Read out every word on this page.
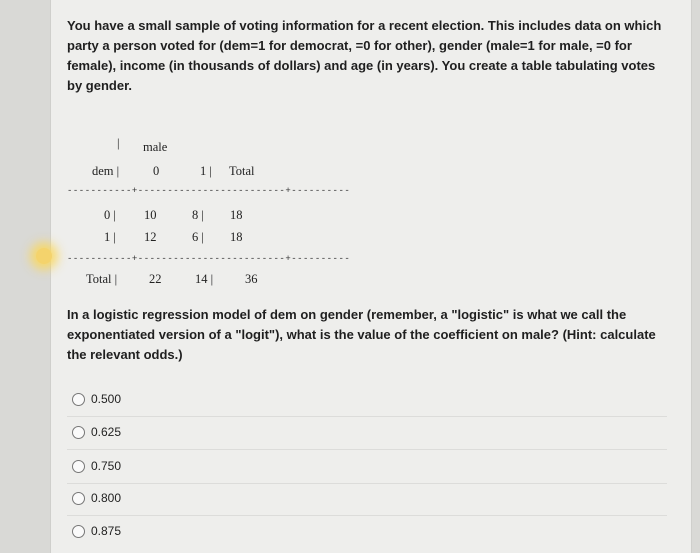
You have a small sample of voting information for a recent election. This includes data on which party a person voted for (dem=1 for democrat, =0 for other), gender (male=1 for male, =0 for female), income (in thousands of dollars) and age (in years). You create a table tabulating votes by gender.
| male
dem |	0	1 | Total
-----------+-------------------------+----------
0 | 10	8 | 18
1 | 12	6 | 18
-----------+-------------------------+----------
Total |	22	14 |	36
In a logistic regression model of dem on gender (remember, a "logistic" is what we call the exponentiated version of a "logit"), what is the value of the coefficient on male? (Hint: calculate the relevant odds.)
0.500
0.625
0.750
0.800
0.875
